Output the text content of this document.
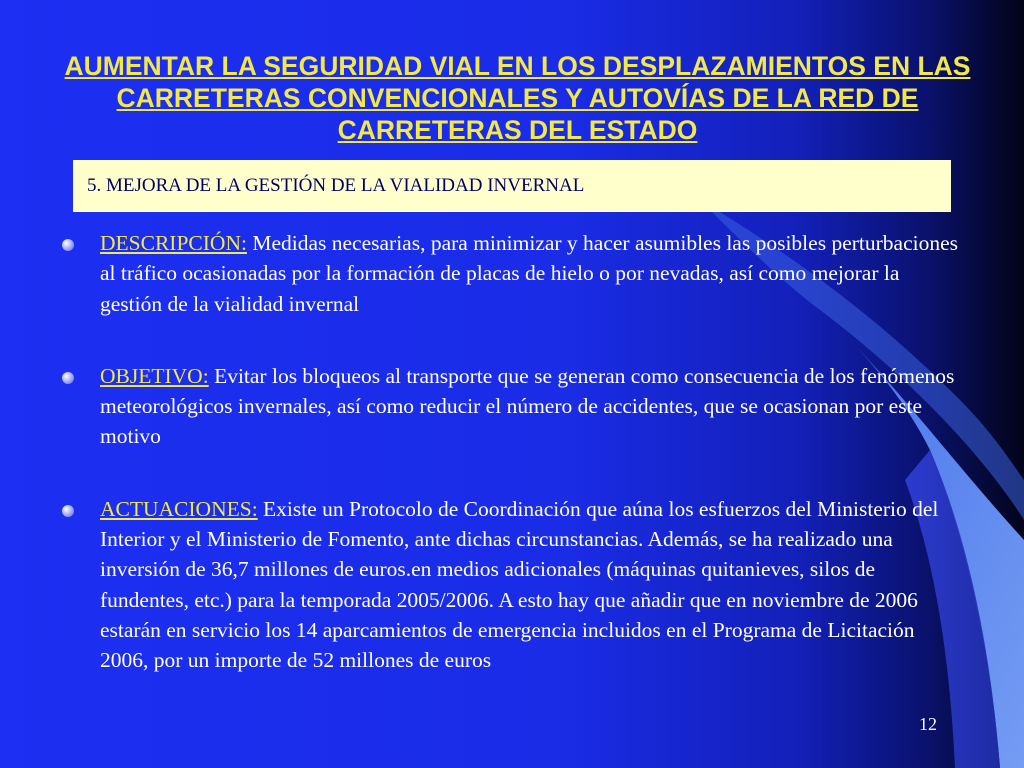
AUMENTAR LA SEGURIDAD VIAL EN LOS DESPLAZAMIENTOS EN LAS CARRETERAS CONVENCIONALES Y AUTOVÍAS DE LA RED DE CARRETERAS DEL ESTADO
5. MEJORA DE LA GESTIÓN DE LA VIALIDAD INVERNAL
DESCRIPCIÓN: Medidas necesarias, para minimizar y hacer asumibles las posibles perturbaciones al tráfico ocasionadas por la formación de placas de hielo o por nevadas, así como mejorar la gestión de la vialidad invernal
OBJETIVO: Evitar los bloqueos al transporte que se generan como consecuencia de los fenómenos meteorológicos invernales, así como reducir el número de accidentes, que se ocasionan por este motivo
ACTUACIONES: Existe un Protocolo de Coordinación que aúna los esfuerzos del Ministerio del Interior y el Ministerio de Fomento, ante dichas circunstancias. Además, se ha realizado una inversión de 36,7 millones de euros.en medios adicionales (máquinas quitanieves, silos de fundentes, etc.) para la temporada 2005/2006. A esto hay que añadir que en noviembre de 2006 estarán en servicio los 14 aparcamientos de emergencia incluidos en el Programa de Licitación 2006, por un importe de 52 millones de euros
12
